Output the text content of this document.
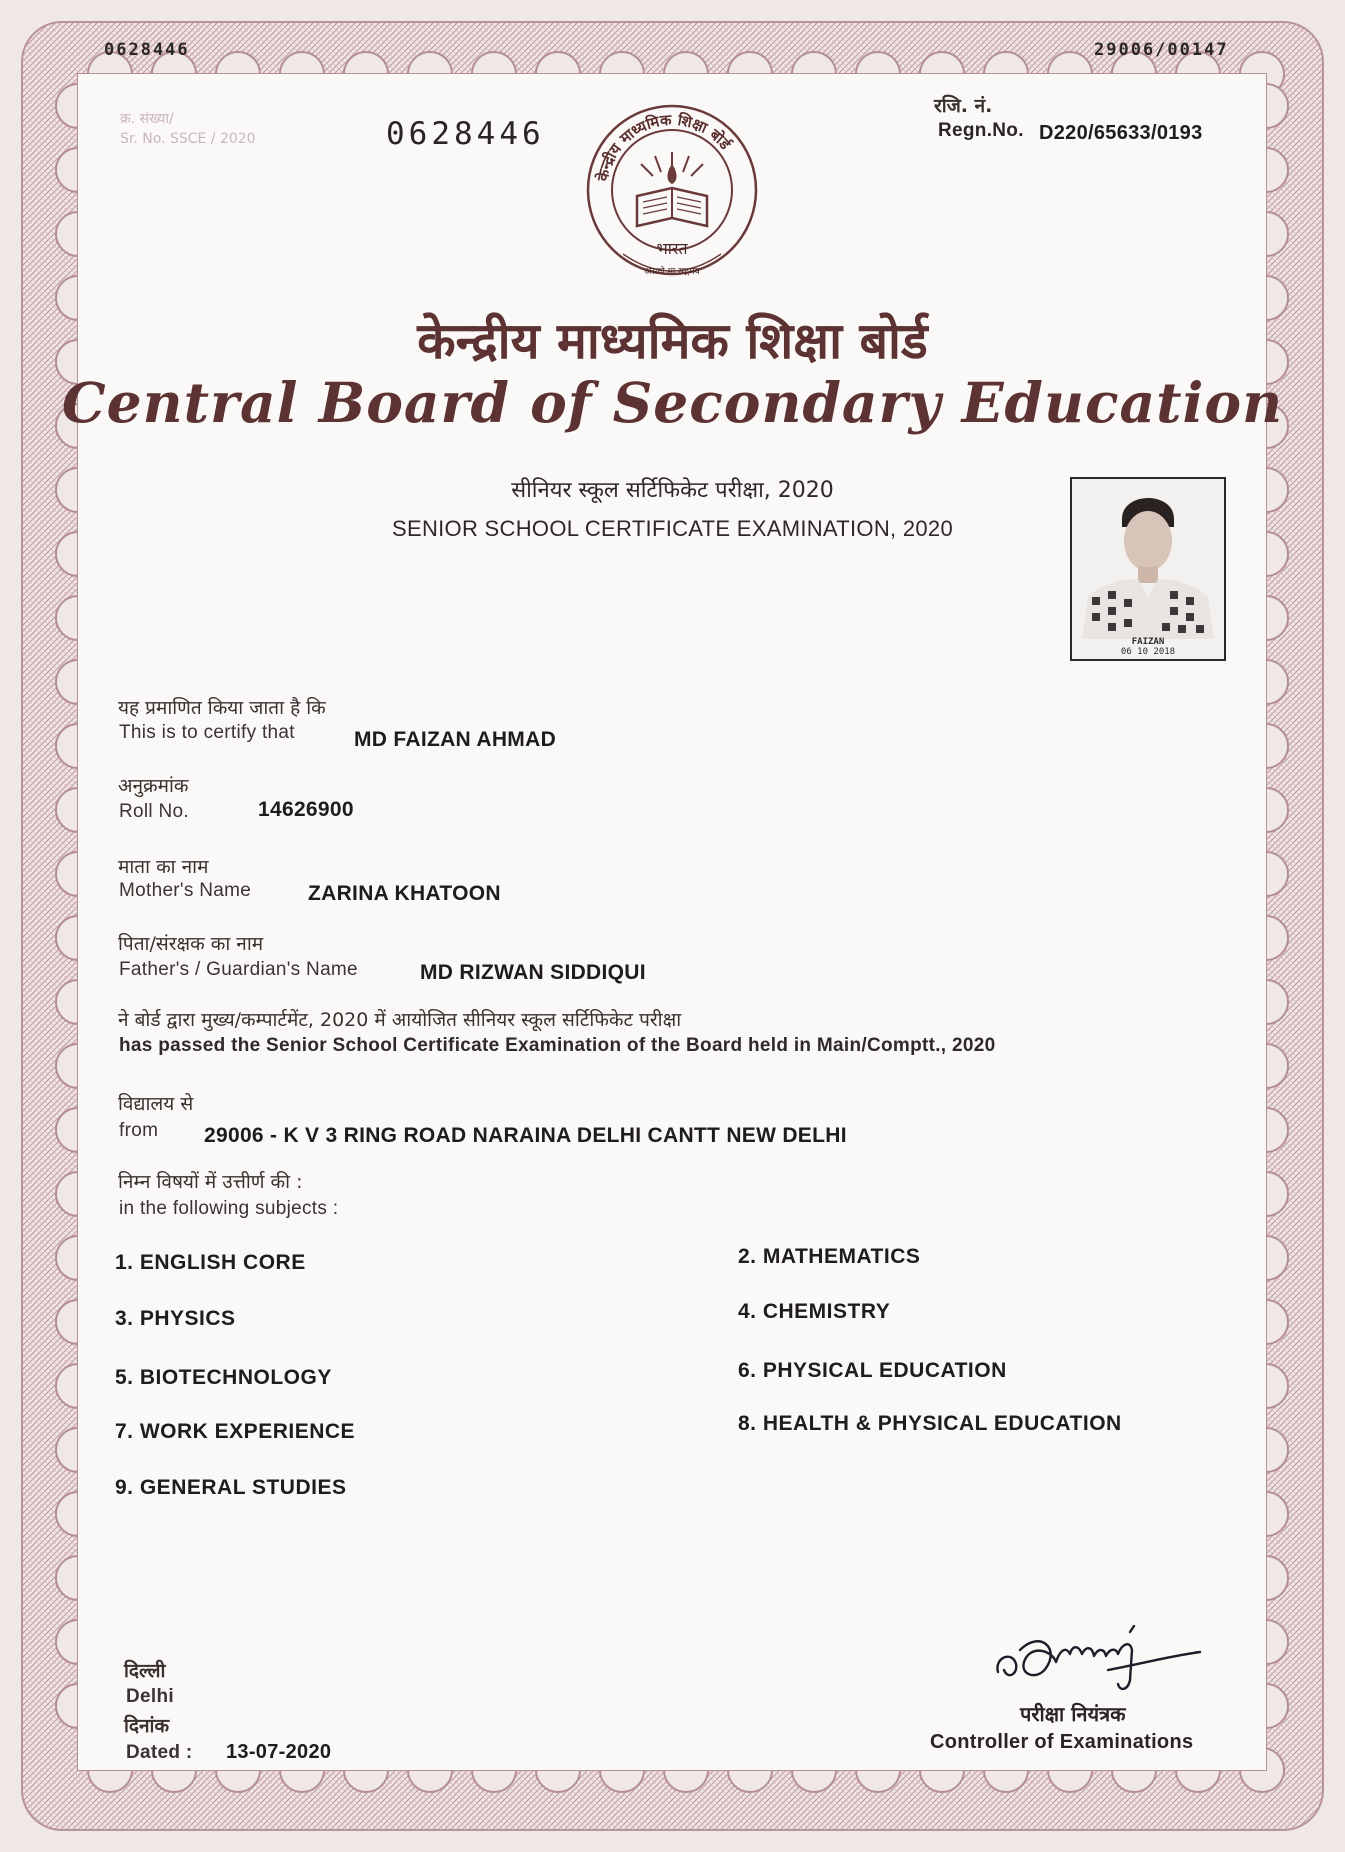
0628446	29006/00147
क्र. संख्या/
Sr. No. SSCE / 2020	0628446
रजि. नं.
Regn.No. D220/65633/0193
केन्द्रीय माध्यमिक शिक्षा बोर्ड
भारत
असतो मा सद्गमय
केन्द्रीय माध्यमिक शिक्षा बोर्ड
Central Board of Secondary Education
सीनियर स्कूल सर्टिफिकेट परीक्षा, 2020
SENIOR SCHOOL CERTIFICATE EXAMINATION, 2020
FAIZAN
06 10 2018
यह प्रमाणित किया जाता है कि
This is to certify that	MD FAIZAN AHMAD
अनुक्रमांक
Roll No.	14626900
माता का नाम
Mother's Name	ZARINA KHATOON
पिता/संरक्षक का नाम
Father's / Guardian's Name	MD RIZWAN SIDDIQUI
ने बोर्ड द्वारा मुख्य/कम्पार्टमेंट, 2020 में आयोजित सीनियर स्कूल सर्टिफिकेट परीक्षा
has passed the Senior School Certificate Examination of the Board held in Main/Comptt., 2020
विद्यालय से
from 29006 - K V 3 RING ROAD NARAINA DELHI CANTT NEW DELHI
निम्न विषयों में उत्तीर्ण की :
in the following subjects :
1. ENGLISH CORE	2. MATHEMATICS
3. PHYSICS	4. CHEMISTRY
5. BIOTECHNOLOGY	6. PHYSICAL EDUCATION
7. WORK EXPERIENCE	8. HEALTH & PHYSICAL EDUCATION
9. GENERAL STUDIES
दिल्ली
Delhi
दिनांक
Dated : 13-07-2020
परीक्षा नियंत्रक
Controller of Examinations
